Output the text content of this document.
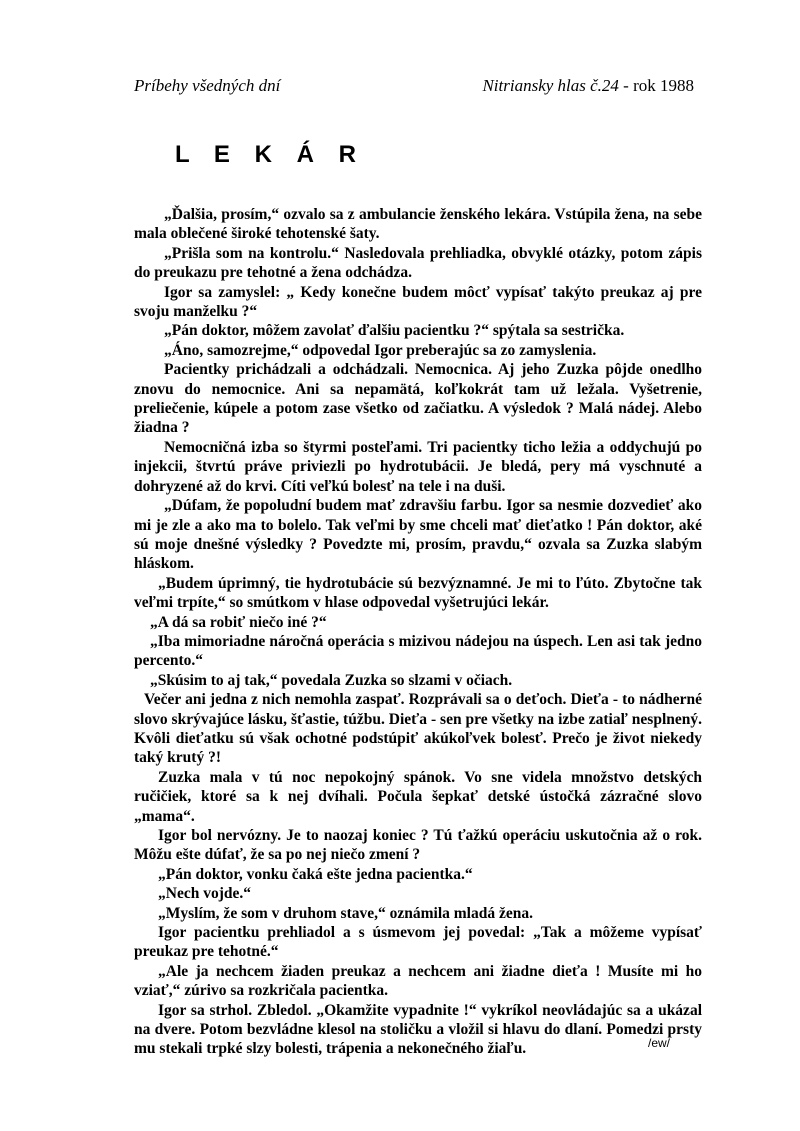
Príbehy všedných dní	Nitriansky hlas č.24 - rok 1988
L E K Á R

„Ďalšia, prosím,“ ozvalo sa z ambulancie ženského lekára. Vstúpila žena, na sebe mala oblečené široké tehotenské šaty.

„Prišla som na kontrolu.“ Nasledovala prehliadka, obvyklé otázky, potom zápis do preukazu pre tehotné a žena odchádza.

Igor sa zamyslel: „ Kedy konečne budem môcť vypísať takýto preukaz aj pre svoju manželku ?“

„Pán doktor, môžem zavolať ďalšiu pacientku ?“ spýtala sa sestrička.

„Áno, samozrejme,“ odpovedal Igor preberajúc sa zo zamyslenia.

Pacientky prichádzali a odchádzali. Nemocnica. Aj jeho Zuzka pôjde onedlho znovu do nemocnice. Ani sa nepamätá, koľkokrát tam už ležala. Vyšetrenie, preliečenie, kúpele a potom zase všetko od začiatku. A výsledok ? Malá nádej. Alebo žiadna ?

Nemocničná izba so štyrmi posteľami. Tri pacientky ticho ležia a oddychujú po injekcii, štvrtú práve priviezli po hydrotubácii. Je bledá, pery má vyschnuté a dohryzené až do krvi. Cíti veľkú bolesť na tele i na duši.

„Dúfam, že popoludní budem mať zdravšiu farbu. Igor sa nesmie dozvedieť ako mi je zle a ako ma to bolelo. Tak veľmi by sme chceli mať dieťatko ! Pán doktor, aké sú moje dnešné výsledky ? Povedzte mi, prosím, pravdu,“ ozvala sa Zuzka slabým hláskom.

„Budem úprimný, tie hydrotubácie sú bezvýznamné. Je mi to ľúto. Zbytočne tak veľmi trpíte,“ so smútkom v hlase odpovedal vyšetrujúci lekár.

„A dá sa robiť niečo iné ?“

„Iba mimoriadne náročná operácia s mizivou nádejou na úspech. Len asi tak jedno percento.“

„Skúsim to aj tak,“ povedala Zuzka so slzami v očiach.

Večer ani jedna z nich nemohla zaspať. Rozprávali sa o deťoch. Dieťa - to nádherné slovo skrývajúce lásku, šťastie, túžbu. Dieťa - sen pre všetky na izbe zatiaľ nesplnený. Kvôli dieťatku sú však ochotné podstúpiť akúkoľvek bolesť. Prečo je život niekedy taký krutý ?!

Zuzka mala v tú noc nepokojný spánok. Vo sne videla množstvo detských ručičiek, ktoré sa k nej dvíhali. Počula šepkať detské ústočká zázračné slovo „mama“.

Igor bol nervózny. Je to naozaj koniec ? Tú ťažkú operáciu uskutočnia až o rok. Môžu ešte dúfať, že sa po nej niečo zmení ?

„Pán doktor, vonku čaká ešte jedna pacientka.“

„Nech vojde.“

„Myslím, že som v druhom stave,“ oznámila mladá žena.

Igor pacientku prehliadol a s úsmevom jej povedal: „Tak a môžeme vypísať preukaz pre tehotné.“

„Ale ja nechcem žiaden preukaz a nechcem ani žiadne dieťa ! Musíte mi ho vziať,“ zúrivo sa rozkričala pacientka.

Igor sa strhol. Zbledol. „Okamžite vypadnite !“ vykríkol neovládajúc sa a ukázal na dvere. Potom bezvládne klesol na stoličku a vložil si hlavu do dlaní. Pomedzi prsty mu stekali trpké slzy bolesti, trápenia a nekonečného žiaľu.	/ew/
